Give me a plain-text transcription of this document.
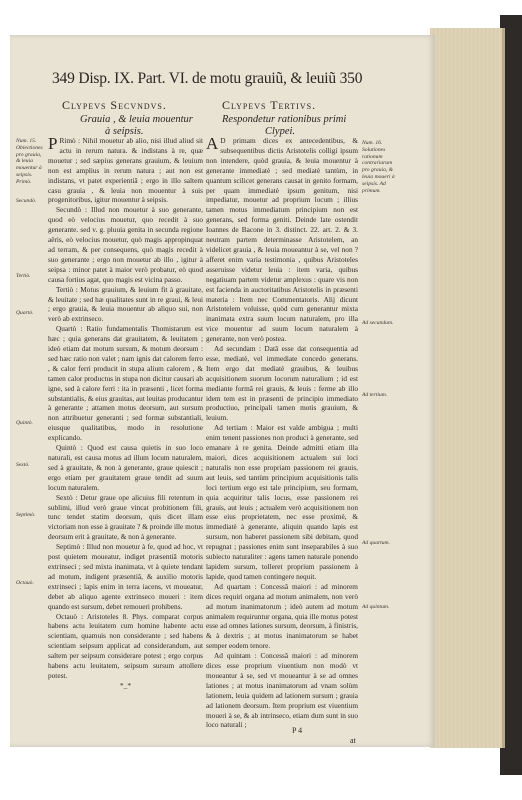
349 Disp. IX. Part. VI. de motu grauiũ, & leuiũ 350
Clypevs Secvndvs.	Clypevs Tertivs.
Grauia , & leuia mouentur
à seipsis.
Respondetur rationibus primi
Clypei.

P Rimò : Nihil mouetur ab alio, nisi illud aliud sit actu in rerum natura. & indistans à re, quæ mouetur ; sed sæpius generans grauium, & leuium non est amplius in rerum natura ; aut non est indistans, vt patet experientiâ ; ergo in illo saltem casu grauia , & leuia non mouentur à suis progenitoribus, igitur mouentur à seipsis.

Secundò : Illud non mouetur à suo generante, quod eò velocius mouetur, quo recedit à suo generante. sed v. g. pluuia genita in secunda regione aëris, eò velocius mouetur, quò magis appropinquat ad terram, & per consequens, quò magis recedit à suo generante ; ergo non mouetur ab illo , igitur à seipsa : minor patet à maior verò probatur, eò quod causa fortius agat, quo magis est vicina passo.

Tertiò : Motus grauium, & leuium fit à grauitate, & leuitate ; sed hæ qualitates sunt in re graui, & leui ; ergo grauia, & leuia mouentur ab aliquo sui, non verò ab extrinseco.

Quartò : Ratio fundamentalis Thomistarum est hæc ; quia generans dat grauitatem, & leuitatem ; ideò etiam dat motum sursum, & motum deorsum : sed hæc ratio non valet ; nam ignis dat calorem ferro , & calor ferri producit in stupa alium calorem , & tamen calor productus in stupa non dicitur causari ab igne, sed à calore ferri : ita in præsenti , licet forma substantialis, & eius grauitas, aut leuitas producantur à generante ; attamen motus deorsum, aut sursum non attribuetur generanti ; sed formæ substantiali, eiusque qualitatibus, modo in resolutione explicando.

Quintò : Quod est causa quietis in suo loco naturali, est causa motus ad illum locum naturalem, sed à grauitate, & non à generante, graue quiescit ; ergo etiam per grauitatem graue tendit ad suum locum naturalem.

Sextò : Detur graue ope alicuius fili retentum in sublimi, illud verò graue vincat probitionem fili, tunc tendet statim deorsum, quis dicet illam victoriam non esse à grauitate ? & proinde ille motus deorsum erit à grauitate, & non à generante.

Septimò : Illud non mouetur à fe, quod ad hoc, vt post quietem moueatur, indiget præsentiâ motoris extrinseci ; sed mixta inanimata, vt à quiete tendant ad motum, indigent præsentiâ, & auxilio motoris extrinseci ; lapis enim in terra iacens, vt moueatur, debet ab aliquo agente extrinseco moueri : item quando est sursum, debet remoueri prohibens.

Octauò : Aristoteles 8. Phys. comparat corpus habens actu leuitatem cum homine habente actu scientiam, quamuis non considerante ; sed habens scientiam seipsum applicat ad considerandum, aut saltem per seipsum considerare potest ; ergo corpus habens actu leuitatem, seipsum sursum attollere potest.

*_*
Num. 15. Obiectiones pro grauia, & leuia mouentur à seipsis. Primò.
Secundò.
Tertiò.
Quartò.
Quintò.
Sextò.
Septimò.
Octauò.

A D primam dices ex antecedentibus, & subsequentibus dictis Aristotelis colligi ipsum non intendere, quòd grauia, & leuia mouentur à generante immediatè ; sed mediatè tantùm, in quantum scilicet generans causat in genito formam, per quam immediatè ipsum genitum, nisi impediatur, mouetur ad proprium locum ; illius tamen motus immediatum principium non est generans, sed forma geniti. Deinde late ostendit Ioannes de Bacone in 3. distinct. 22. art. 2. & 3. neutram partem determinasse Aristotelem, an videlicet grauia , & leuia moueantur à se, vel non ? afferet enim varia testimonia , quibus Aristoteles asseruisse videtur leuia : item varia, quibus negatiuam partem videtur amplexus : quare vis non est facienda in auctoritatibus Aristotelis in præsenti materia : Item nec Commentatoris. Alij dicunt Aristotelem voluisse, quòd cum generantur mixta inanimata extra suum locum naturalem, pro illa vice mouentur ad suum locum naturalem à generante, non verò postea.

Ad secundam : Datâ esse dat consequentia ad esse, mediatè, vel immediate concedo generans. Item ergo dat mediatè grauibus, & leuibus acquisitionem suorum locorum naturalium ; id est mediante formâ rei grauis, & leuis : ferme ab illo idem tem est in præsenti de principio immediato productiuo, principali tamen motis grauium, & leuium.

Ad tertiam : Maior est valde ambigua ; multi enim tenent passiones non produci à generante, sed emanare à re genita. Deinde admitti etiam illa maiori, dices acquisitionem actualem sui loci naturalis non esse propriam passionem rei grauis, aut leuis, sed tantùm principium acquisitionis talis loci tertium ergo est tale principium, seu formam, quia acquiritur talis locus, esse passionem rei grauis, aut leuis ; actualem verò acquisitionem non esse eius proprietatem, nec esse proximè, & immediatè à generante, aliquin quando lapis est sursum, non haberet passionem sibi debitam, quod repugnat ; passiones enim sunt inseparabiles à suo subiecto naturaliter : agens tamen naturale ponendo lapidem sursum, tolleret proprium passionem à lapide, quod tamen contingere nequit.

Ad quartam : Concessâ maiori : ad minorem dices requiri organa ad motum animalem, non verò ad motum inanimatorum ; ideò autem ad motum animalem requiruntur organa, quia ille motus potest esse ad omnes lationes sursum, deorsum, à finistris, & à dextris ; at motus inanimatorum se habet semper eodem tenore.

Ad quintam : Concessâ maiori : ad minorem dices esse proprium viuentium non modò vt moueantur à se, sed vt moueantur à se ad omnes lationes ; at motus inanimatorum ad vnam solùm lationem, leuia quidem ad lationem sursum ; grauia ad lationem deorsum. Item proprium est viuentium moueri à se, & ab intrinseco, etiam dum sunt in suo loco naturali ;

Num. 16. Solutiones rationum contrariarum pro grauia, & leuia moueri à seipsis. Ad primum.
Ad secundum.
Ad tertium.
Ad quartum.
Ad quintum.
P 4
at
